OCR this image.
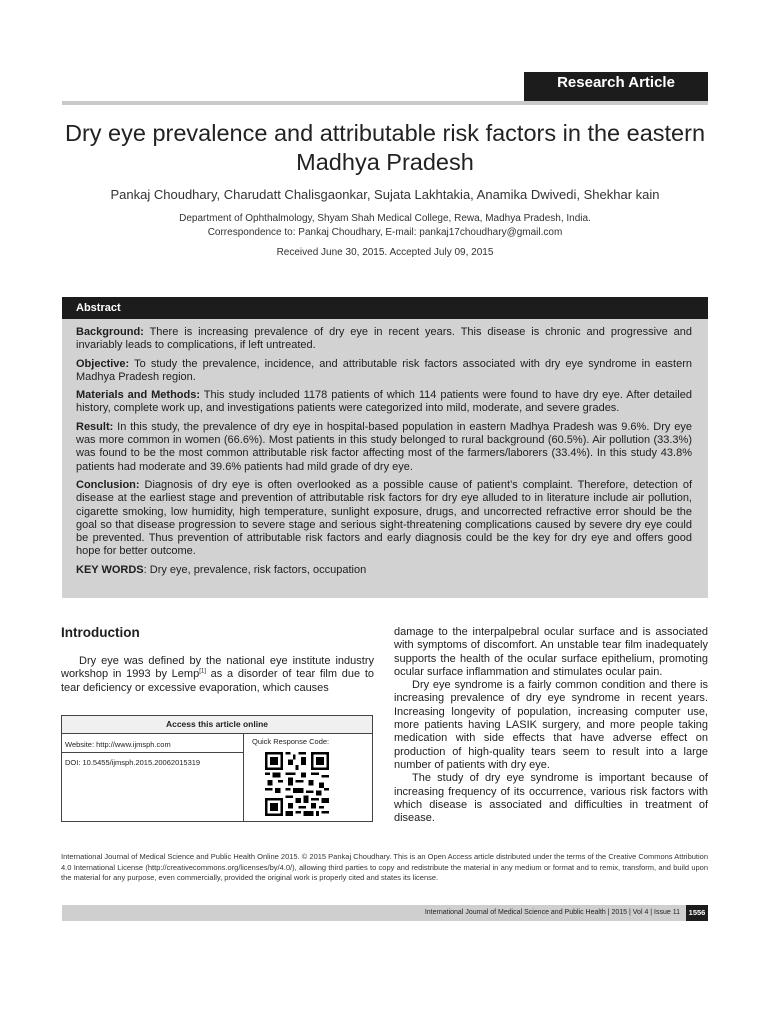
Research Article
Dry eye prevalence and attributable risk factors in the eastern Madhya Pradesh
Pankaj Choudhary, Charudatt Chalisgaonkar, Sujata Lakhtakia, Anamika Dwivedi, Shekhar kain
Department of Ophthalmology, Shyam Shah Medical College, Rewa, Madhya Pradesh, India.
Correspondence to: Pankaj Choudhary, E-mail: pankaj17choudhary@gmail.com
Received June 30, 2015. Accepted July 09, 2015
Abstract

Background: There is increasing prevalence of dry eye in recent years. This disease is chronic and progressive and invariably leads to complications, if left untreated.

Objective: To study the prevalence, incidence, and attributable risk factors associated with dry eye syndrome in eastern Madhya Pradesh region.

Materials and Methods: This study included 1178 patients of which 114 patients were found to have dry eye. After detailed history, complete work up, and investigations patients were categorized into mild, moderate, and severe grades.

Result: In this study, the prevalence of dry eye in hospital-based population in eastern Madhya Pradesh was 9.6%. Dry eye was more common in women (66.6%). Most patients in this study belonged to rural background (60.5%). Air pollution (33.3%) was found to be the most common attributable risk factor affecting most of the farmers/laborers (33.4%). In this study 43.8% patients had moderate and 39.6% patients had mild grade of dry eye.

Conclusion: Diagnosis of dry eye is often overlooked as a possible cause of patient’s complaint. Therefore, detection of disease at the earliest stage and prevention of attributable risk factors for dry eye alluded to in literature include air pollution, cigarette smoking, low humidity, high temperature, sunlight exposure, drugs, and uncorrected refractive error should be the goal so that disease progression to severe stage and serious sight-threatening complications caused by severe dry eye could be prevented. Thus prevention of attributable risk factors and early diagnosis could be the key for dry eye and offers good hope for better outcome.

KEY WORDS: Dry eye, prevalence, risk factors, occupation

Introduction

Dry eye was defined by the national eye institute industry workshop in 1993 by Lemp[1] as a disorder of tear film due to tear deficiency or excessive evaporation, which causes

Access this article online
Website: http://www.ijmsph.com
DOI: 10.5455/ijmsph.2015.20062015319
Quick Response Code:

damage to the interpalpebral ocular surface and is associated with symptoms of discomfort. An unstable tear film inadequately supports the health of the ocular surface epithelium, promoting ocular surface inflammation and stimulates ocular pain.

Dry eye syndrome is a fairly common condition and there is increasing prevalence of dry eye syndrome in recent years. Increasing longevity of population, increasing computer use, more patients having LASIK surgery, and more people taking medication with side effects that have adverse effect on production of high-quality tears seem to result into a large number of patients with dry eye.

The study of dry eye syndrome is important because of increasing frequency of its occurrence, various risk factors with which disease is associated and difficulties in treatment of disease.

International Journal of Medical Science and Public Health Online 2015. © 2015 Pankaj Choudhary. This is an Open Access article distributed under the terms of the Creative Commons Attribution 4.0 International License (http://creativecommons.org/licenses/by/4.0/), allowing third parties to copy and redistribute the material in any medium or format and to remix, transform, and build upon the material for any purpose, even commercially, provided the original work is properly cited and states its license.
International Journal of Medical Science and Public Health | 2015 | Vol 4 | Issue 11	1556
